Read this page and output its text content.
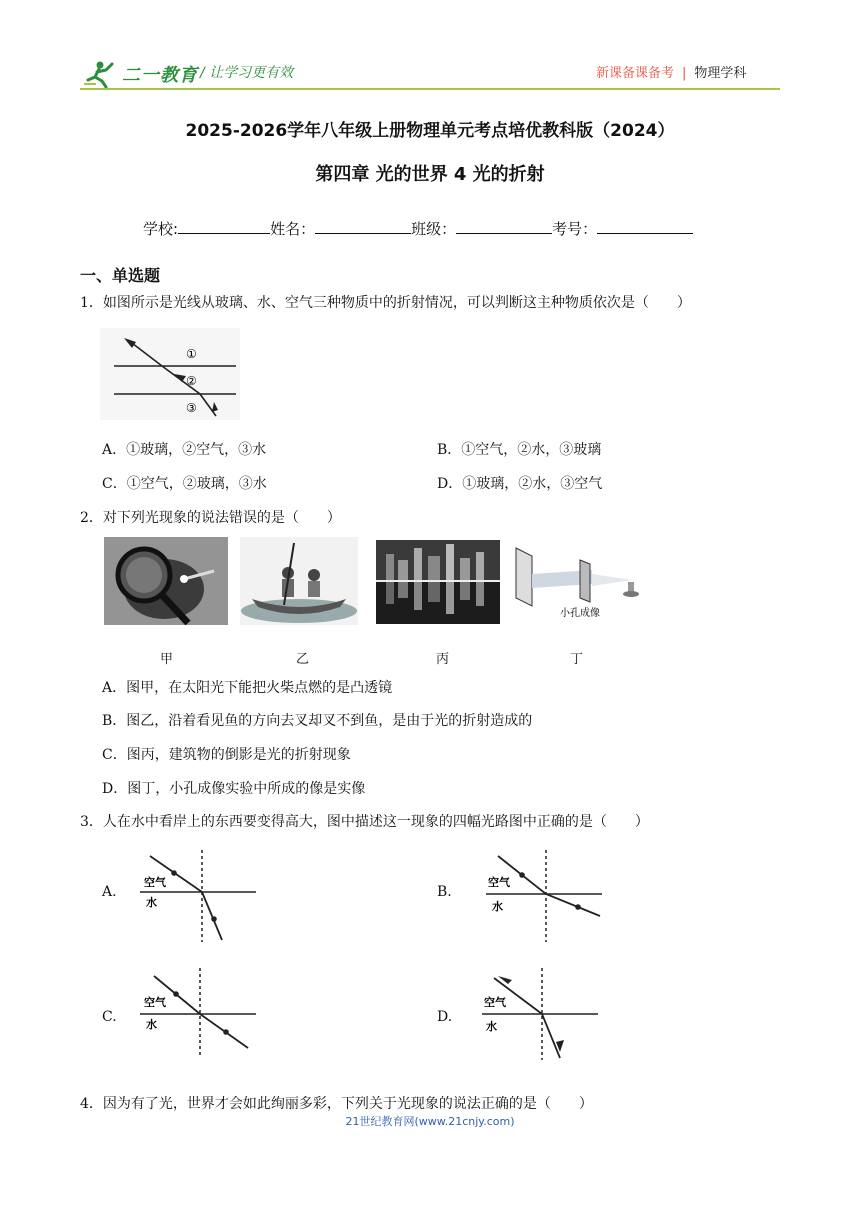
二一教育 / 让学习更有效	新课备课备考 | 物理学科
2025-2026学年八年级上册物理单元考点培优教科版（2024）
第四章 光的世界 4 光的折射
学校:	姓名：	班级：	考号：
一、单选题
1．如图所示是光线从玻璃、水、空气三种物质中的折射情况，可以判断这主种物质依次是（　　）
①
②
③
A．①玻璃，②空气，③水	B．①空气，②水，③玻璃
C．①空气，②玻璃，③水	D．①玻璃，②水，③空气
2．对下列光现象的说法错误的是（　　）
小孔成像
甲	乙	丙	丁
A．图甲，在太阳光下能把火柴点燃的是凸透镜
B．图乙，沿着看见鱼的方向去叉却叉不到鱼，是由于光的折射造成的
C．图丙，建筑物的倒影是光的折射现象
D．图丁，小孔成像实验中所成的像是实像
3．人在水中看岸上的东西要变得高大，图中描述这一现象的四幅光路图中正确的是（　　）
A.
空气
水
B.
空气
水
C.
空气
水	D.
空气
水
4．因为有了光，世界才会如此绚丽多彩，下列关于光现象的说法正确的是（　　）
21世纪教育网(www.21cnjy.com)
